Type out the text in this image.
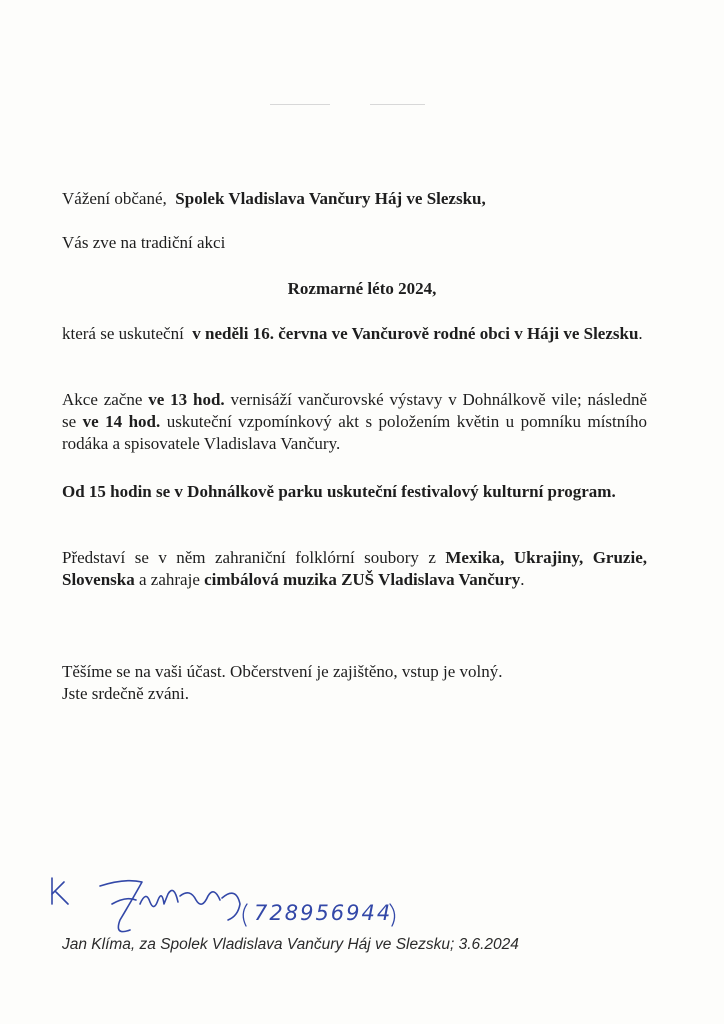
Vážení občané, Spolek Vladislava Vančury Háj ve Slezsku,
Vás zve na tradiční akci
Rozmarné léto 2024,
která se uskuteční v neděli 16. června ve Vančurově rodné obci v Háji ve Slezsku.
Akce začne ve 13 hod. vernisáží vančurovské výstavy v Dohnálkově vile; následně se ve 14 hod. uskuteční vzpomínkový akt s položením květin u pomníku místního rodáka a spisovatele Vladislava Vančury.
Od 15 hodin se v Dohnálkově parku uskuteční festivalový kulturní program.
Představí se v něm zahraniční folklórní soubory z Mexika, Ukrajiny, Gruzie, Slovenska a zahraje cimbálová muzika ZUŠ Vladislava Vančury.
Těšíme se na vaši účast. Občerstvení je zajištěno, vstup je volný.
Jste srdečně zváni.
728956944
Jan Klíma, za Spolek Vladislava Vančury Háj ve Slezsku; 3.6.2024
